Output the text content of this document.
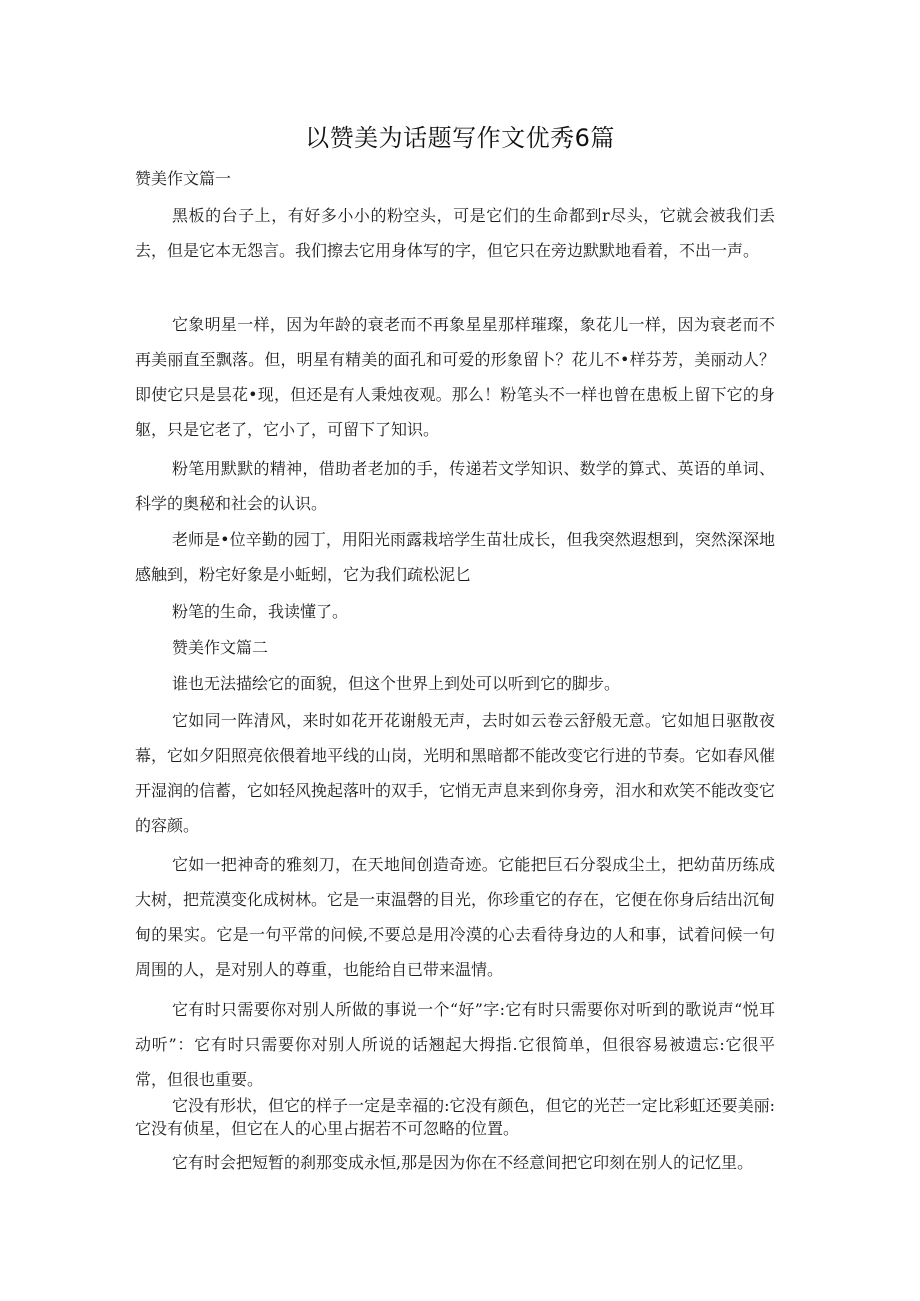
以赞美为话题写作文优秀6篇
赞美作文篇一

黑板的台子上，有好多小小的粉空头，可是它们的生命都到r尽头，它就会被我们丢去，但是它本无怨言。我们擦去它用身体写的字，但它只在旁边默默地看着，不出一声。

它象明星一样，因为年龄的衰老而不再象星星那样璀璨，象花儿一样，因为衰老而不再美丽直至飘落。但，明星有精美的面孔和可爱的形象留卜？花儿不•样芬芳，美丽动人？即使它只是昙花•现，但还是有人秉烛夜观。那么！粉笔头不一样也曾在患板上留下它的身躯，只是它老了，它小了，可留下了知识。

粉笔用默默的精神，借助者老加的手，传递若文学知识、数学的算式、英语的单词、科学的奥秘和社会的认识。

老师是•位辛勤的园丁，用阳光雨露栽培学生苗壮成长，但我突然遐想到，突然深深地感触到，粉宅好象是小蚯蚓，它为我们疏松泥匕

粉笔的生命，我读懂了。

赞美作文篇二

谁也无法描绘它的面貌，但这个世界上到处可以听到它的脚步。

它如同一阵清风，来时如花开花谢般无声，去时如云卷云舒般无意。它如旭日驱散夜幕，它如夕阳照亮依偎着地平线的山岗，光明和黑暗都不能改变它行进的节奏。它如春风催开湿润的信蓄，它如轻风挽起落叶的双手，它悄无声息来到你身旁，泪水和欢笑不能改变它的容颜。

它如一把神奇的雅刻刀，在天地间创造奇迹。它能把巨石分裂成尘土，把幼苗历练成大树，把荒漠变化成树林。它是一束温磬的目光，你珍重它的存在，它便在你身后结出沉甸甸的果实。它是一句平常的问候,不要总是用冷漠的心去看待身边的人和事，试着问候一句周围的人，是对别人的尊重，也能给自已带来温情。

它有时只需要你对别人所做的事说一个“好”字:它有时只需要你对听到的歌说声“悦耳动听”：它有时只需要你对别人所说的话翘起大拇指.它很简单，但很容易被遗忘:它很平常，但很也重要。

它没有形状，但它的样子一定是幸福的:它没有颜色，但它的光芒一定比彩虹还要美丽:它没有侦星，但它在人的心里占据若不可忽略的位置。

它有时会把短暂的刹那变成永恒,那是因为你在不经意间把它印刻在别人的记忆里。
